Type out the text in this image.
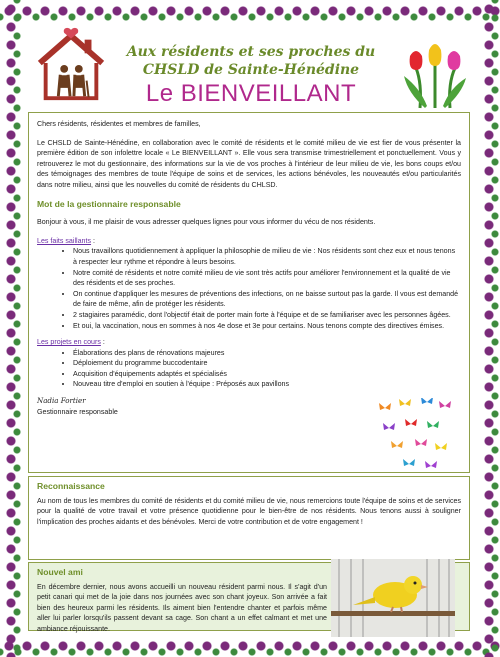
Aux résidents et ses proches du
CHSLD de Sainte-Hénédine
Le BIENVEILLANT

Chers résidents, résidentes et membres de familles,

Le CHSLD de Sainte-Hénédine, en collaboration avec le comité de résidents et le comité milieu de vie est fier de vous présenter la première édition de son infolettre locale « Le BIENVEILLANT ». Elle vous sera transmise trimestriellement et ponctuellement. Vous y retrouverez le mot du gestionnaire, des informations sur la vie de vos proches à l'intérieur de leur milieu de vie, les bons coups et/ou des témoignages des membres de toute l'équipe de soins et de services, les actions bénévoles, les nouveautés et/ou particularités dans notre milieu, ainsi que les nouvelles du comité de résidents du CHLSD.

Mot de la gestionnaire responsable

Bonjour à vous, il me plaisir de vous adresser quelques lignes pour vous informer du vécu de nos résidents.

Les faits saillants :
• Nous travaillons quotidiennement à appliquer la philosophie de milieu de vie : Nos résidents sont chez eux et nous tenons à respecter leur rythme et répondre à leurs besoins.
• Notre comité de résidents et notre comité milieu de vie sont très actifs pour améliorer l'environnement et la qualité de vie des résidents et de ses proches.
• On continue d'appliquer les mesures de préventions des infections, on ne baisse surtout pas la garde. Il vous est demandé de faire de même, afin de protéger les résidents.
• 2 stagiaires paramédic, dont l'objectif était de porter main forte à l'équipe et de se familiariser avec les personnes âgées.
• Et oui, la vaccination, nous en sommes à nos 4e dose et 3e pour certains. Nous tenons compte des directives émises.
Les projets en cours :
• Élaborations des plans de rénovations majeures
• Déploiement du programme buccodentaire
• Acquisition d'équipements adaptés et spécialisés
• Nouveau titre d'emploi en soutien à l'équipe : Préposés aux pavillons
Nadia Fortier
Gestionnaire responsable
Reconnaissance

Au nom de tous les membres du comité de résidents et du comité milieu de vie, nous remercions toute l'équipe de soins et de services pour la qualité de votre travail et votre présence quotidienne pour le bien-être de nos résidents. Nous tenons aussi à souligner l'implication des proches aidants et des bénévoles. Merci de votre contribution et de votre engagement !

Nouvel ami

En décembre dernier, nous avons accueilli un nouveau résident parmi nous. Il s'agit d'un petit canari qui met de la joie dans nos journées avec son chant joyeux. Son arrivée a fait bien des heureux parmi les résidents. Ils aiment bien l'entendre chanter et parfois même aller lui parler lorsqu'ils passent devant sa cage. Son chant a un effet calmant et met une ambiance réjouissante.
